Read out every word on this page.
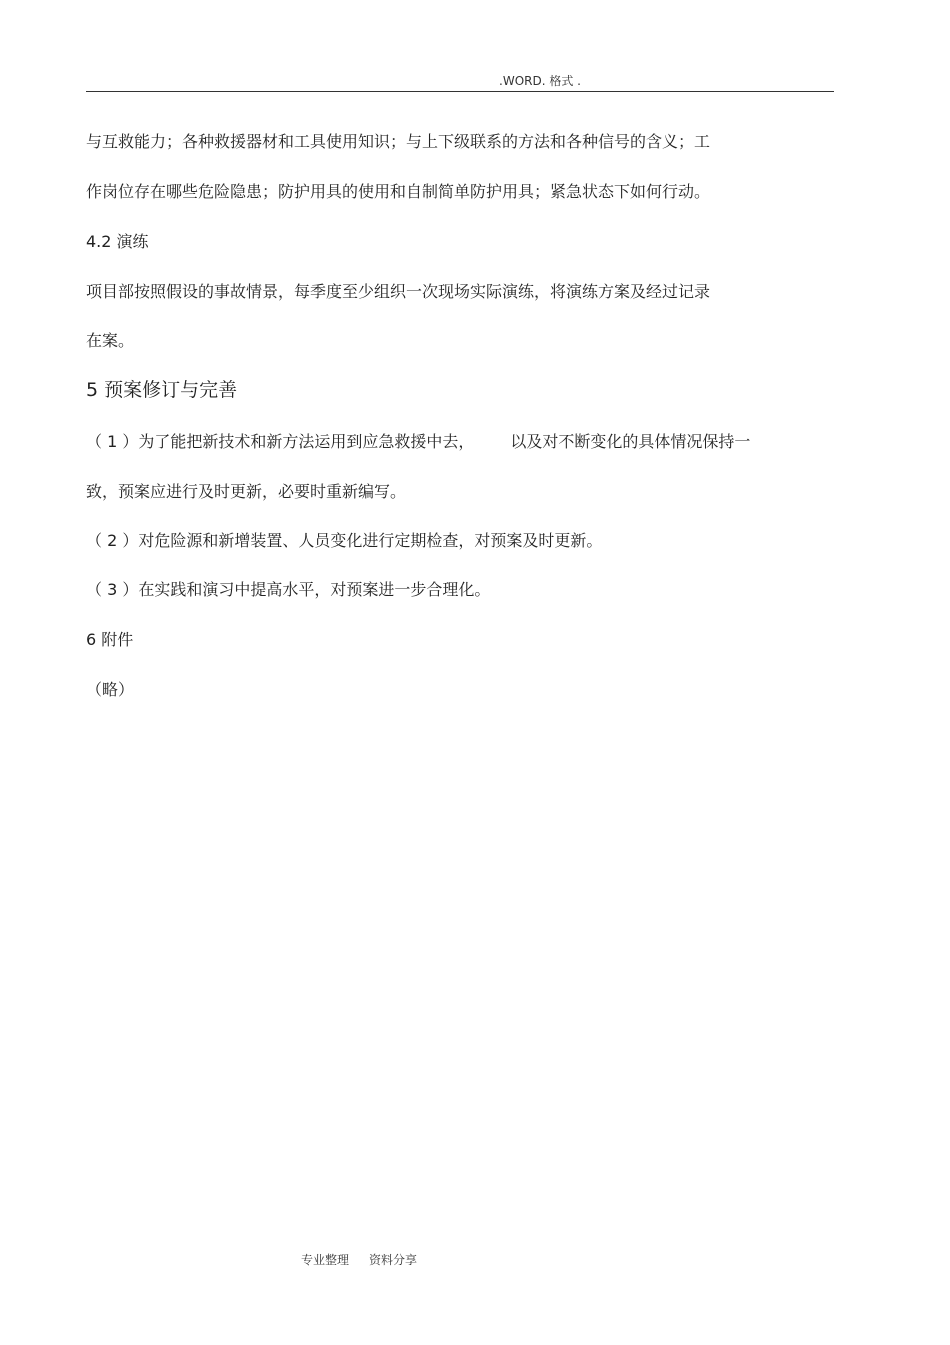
.WORD. 格式 .
与互救能力；各种救援器材和工具使用知识；与上下级联系的方法和各种信号的含义；工
作岗位存在哪些危险隐患；防护用具的使用和自制简单防护用具；紧急状态下如何行动。
4.2 演练
项目部按照假设的事故情景，每季度至少组织一次现场实际演练，将演练方案及经过记录
在案。
5 预案修订与完善
（ 1 ）为了能把新技术和新方法运用到应急救援中去， 以及对不断变化的具体情况保持一
致，预案应进行及时更新，必要时重新编写。
（ 2 ）对危险源和新增装置、人员变化进行定期检查，对预案及时更新。
（ 3 ）在实践和演习中提高水平，对预案进一步合理化。
6 附件
（略）
专业整理 资料分享
